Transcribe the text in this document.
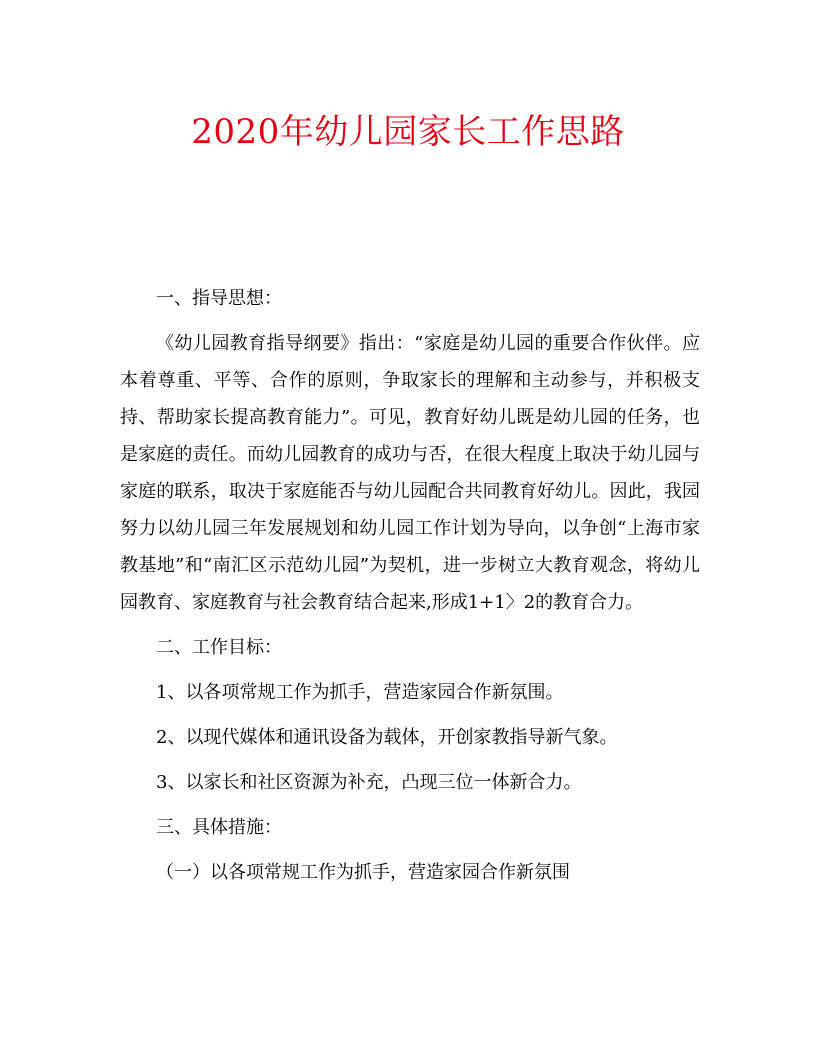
2020年幼儿园家长工作思路

一、指导思想：

《幼儿园教育指导纲要》指出：“家庭是幼儿园的重要合作伙伴。应本着尊重、平等、合作的原则，争取家长的理解和主动参与，并积极支持、帮助家长提高教育能力”。可见，教育好幼儿既是幼儿园的任务，也是家庭的责任。而幼儿园教育的成功与否，在很大程度上取决于幼儿园与家庭的联系，取决于家庭能否与幼儿园配合共同教育好幼儿。因此，我园努力以幼儿园三年发展规划和幼儿园工作计划为导向，以争创“上海市家教基地”和“南汇区示范幼儿园”为契机，进一步树立大教育观念，将幼儿园教育、家庭教育与社会教育结合起来,形成1+1〉2的教育合力。

二、工作目标：

1、以各项常规工作为抓手，营造家园合作新氛围。

2、以现代媒体和通讯设备为载体，开创家教指导新气象。

3、以家长和社区资源为补充，凸现三位一体新合力。

三、具体措施：

（一）以各项常规工作为抓手，营造家园合作新氛围
